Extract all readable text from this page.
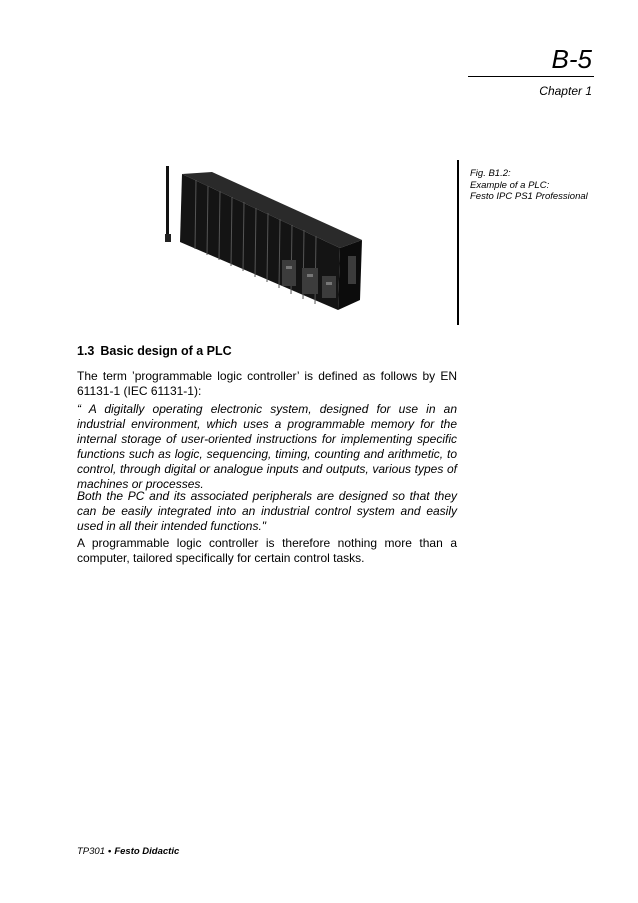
B-5
Chapter 1
Fig. B1.2:
Example of a PLC:
Festo IPC PS1 Professional
1.3 Basic design of a PLC

The term ’programmable logic controller’ is defined as follows by EN 61131-1 (IEC 61131-1):

“ A digitally operating electronic system, designed for use in an industrial environment, which uses a programmable memory for the internal storage of user-oriented instructions for implementing specific functions such as logic, sequencing, timing, counting and arithmetic, to control, through digital or analogue inputs and outputs, various types of machines or processes.

Both the PC and its associated peripherals are designed so that they can be easily integrated into an industrial control system and easily used in all their intended functions."

A programmable logic controller is therefore nothing more than a computer, tailored specifically for certain control tasks.

TP301 • Festo Didactic
